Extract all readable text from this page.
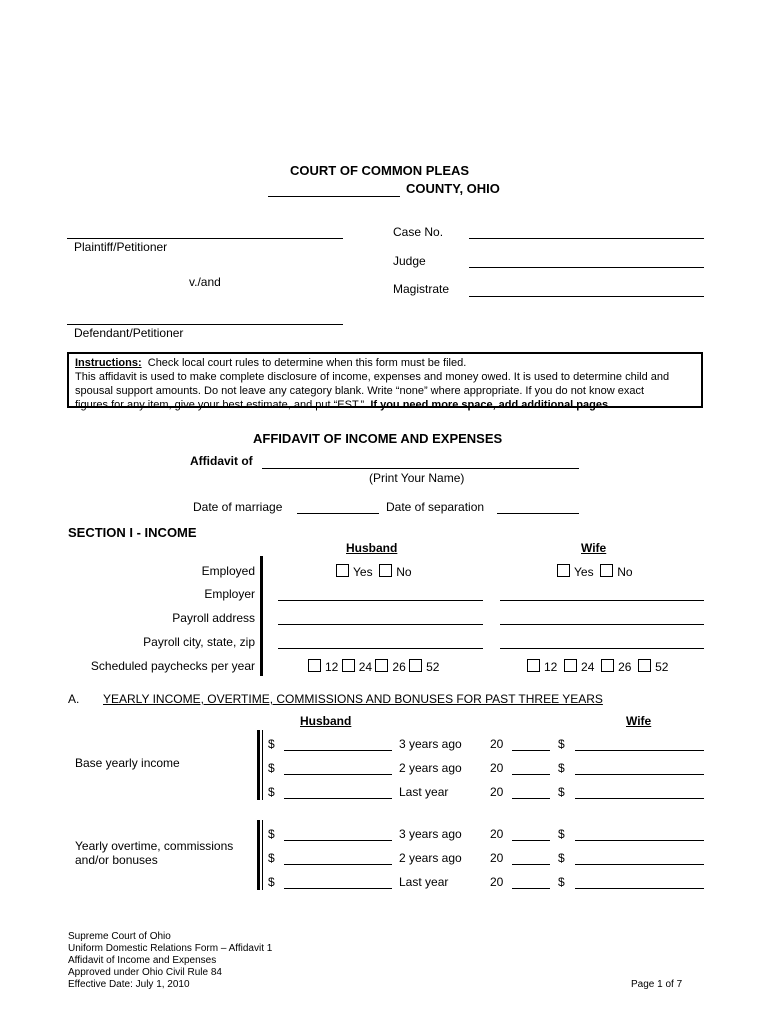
COURT OF COMMON PLEAS
COUNTY, OHIO
Plaintiff/Petitioner
v./and
Defendant/Petitioner
Case No.
Judge
Magistrate

Instructions: Check local court rules to determine when this form must be filed.

This affidavit is used to make complete disclosure of income, expenses and money owed. It is used to determine child and

spousal support amounts. Do not leave any category blank. Write “none” where appropriate. If you do not know exact

figures for any item, give your best estimate, and put “EST.” If you need more space, add additional pages.

AFFIDAVIT OF INCOME AND EXPENSES
Affidavit of
(Print Your Name)
Date of marriage	Date of separation
SECTION I - INCOME
Husband	Wife
Employed	Yes No	Yes No
Employer
Payroll address
Payroll city, state, zip
Scheduled paychecks per year	12 24 26 52	12 24 26 52
A. YEARLY INCOME, OVERTIME, COMMISSIONS AND BONUSES FOR PAST THREE YEARS
Husband	Wife
Base yearly income
$	3 years ago 20	$
$	2 years ago 20	$
$	Last year	20	$
Yearly overtime, commissions
and/or bonuses
$	3 years ago 20	$
$	2 years ago 20	$
$	Last year	20	$
Supreme Court of Ohio
Uniform Domestic Relations Form – Affidavit 1
Affidavit of Income and Expenses
Approved under Ohio Civil Rule 84
Effective Date: July 1, 2010	Page 1 of 7
